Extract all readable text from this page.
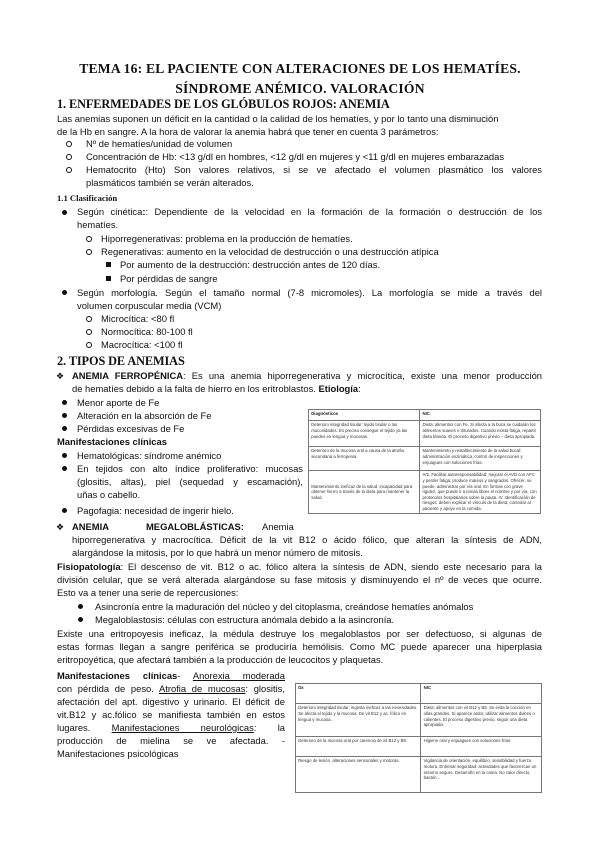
TEMA 16: EL PACIENTE CON ALTERACIONES DE LOS HEMATÍES.
SÍNDROME ANÉMICO. VALORACIÓN
1. ENFERMEDADES DE LOS GLÓBULOS ROJOS: ANEMIA
Las anemias suponen un déficit en la cantidad o la calidad de los hematíes, y por lo tanto una disminución
de la Hb en sangre. A la hora de valorar la anemia habrá que tener en cuenta 3 parámetros:
Nº de hematíes/unidad de volumen
Concentración de Hb: <13 g/dl en hombres, <12 g/dl en mujeres y <11 g/dl en mujeres embarazadas
Hematocrito (Hto) Son valores relativos, si se ve afectado el volumen plasmático los valores
plasmáticos también se verán alterados.
1.1 Clasificación
Según cinética:: Dependiente de la velocidad en la formación de la formación o destrucción de los
hematíes.
Hiporregenerativas: problema en la producción de hematíes.
Regenerativas: aumento en la velocidad de destrucción o una destrucción atípica
Por aumento de la destrucción: destrucción antes de 120 días.
Por pérdidas de sangre
Según morfología. Según el tamaño normal (7-8 micromoles). La morfología se mide a través del
volumen corpuscular media (VCM)
Microcítica: <80 fl
Normocítica: 80-100 fl
Macrocítica: <100 fl
2. TIPOS DE ANEMIAS
❖ ANEMIA FERROPÉNICA: Es una anemia hiporregenerativa y microcítica, existe una menor producción
de hematíes debido a la falta de hierro en los eritroblastos. Etiología:
Menor aporte de Fe
Alteración en la absorción de Fe
Pérdidas excesivas de Fe
Manifestaciones clínicas
Hematológicas: síndrome anémico
En tejidos con alto índice proliferativo: mucosas
(glositis, altas), piel (sequedad y escamación),
uñas o cabello.
Pagofagia: necesidad de ingerir hielo.
Diagnósticos	NIC
Deterioro integridad tisular: tejido tisular o las mucosidades. Es preciso conseguir el tejido ya las puedes en lengua y mucosas.	Dieta: alimentos con Fe. Si afecta a la boca se cuidarán los alimentos suaves o triturados. Cuando exista fatiga, repartir dieta blanda. El proceso digestivo previo – dieta apropiada.
Deterioro de la mucosa oral a causa de la atrofia secundaria a ferropenia.	Mantenimiento y restablecimiento de la salud bucal: administración enzimática, control de inspecciones y enjuagues con soluciones frías.
Mantenimiento ineficaz de la salud, incapacidad para obtener hierro a través de la dieta para mantener la salud.	IV2. Facilitar autoresponsabilidad: mejorar el AVD con AFC y perder fatiga; produce mareos y sangrados. Ofrecer, se puede, administrar por vía oral. En formas con grave rigidez, que puede ir a tomas libres el nombre y por vía, con protocolos hospitalarios sobre la pauta. IV. Identificación de riesgos: deben explicar el vínculo de la dieta; controlar al paciente y apoyo en la comida.
❖ ANEMIA	MEGALOBLÁSTICAS: Anemia
hiporregenerativa y macrocítica. Déficit de la vit B12 o ácido fólico, que alteran la síntesis de ADN,
alargándose la mitosis, por lo que habrá un menor número de mitosis.
Fisiopatología: El descenso de vit. B12 o ac. fólico altera la síntesis de ADN, siendo este necesario para la
división celular, que se verá alterada alargándose su fase mitosis y disminuyendo el nº de veces que ocurre.
Esto va a tener una serie de repercusiones:
Asincronía entre la maduración del núcleo y del citoplasma, creándose hematíes anómalos
Megaloblastosis: células con estructura anómala debido a la asincronía.
Existe una eritropoyesis ineficaz, la médula destruye los megaloblastos por ser defectuoso, si algunas de
estas formas llegan a sangre periférica se produciría hemólisis. Como MC puede aparecer una hiperplasia
eritropoyética, que afectará también a la producción de leucocitos y plaquetas.
Manifestaciones clínicas- Anorexia moderada
con pérdida de peso. Atrofia de mucosas: glositis,
afectación del apt. digestivo y urinario. El déficit de
vit.B12 y ac.fólico se manifiesta también en estos
lugares. Manifestaciones neurológicas: la
producción de mielina se ve afectada. -
Manifestaciones psicológicas
Dx	NIC
Deterioro integridad tisular: ingesta ineficaz a las necesidades. Se afecta el tejido y la mucosa. De vit B12 y ac. fólico en lengua y mucosa.	Dieta: alimentos con vit B12 y B9. Se evita la cocción en ollas grandes. Si aparece ardor, utilizar alimentos dulces o calientes. El proceso digestivo previo, seguir una dieta apropiada.
Deterioro de la mucosa oral por carencia de vit B12 y B9.	Higiene oral y enjuagues con soluciones frías.
Riesgo de lesión, alteraciones sensoriales y motoras.	Vigilancia de orientación, equilibrio, sensibilidad y fuerza motora. Entrenar seguridad: actividades que favorezcan un entorno seguro. Desarrollo en la cama. No calor directo, bastón...
